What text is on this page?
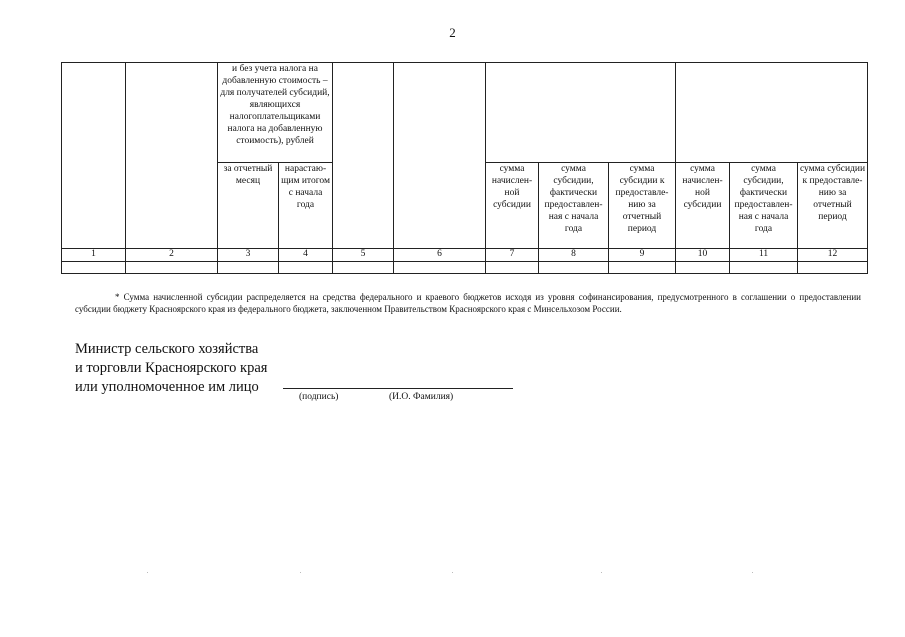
2
		и без учета налога на добавленную стоимость – для получателей субсидий, являющихся налогоплательщиками налога на добавленную стоимость), рублей									
		за отчетный месяц	нарастаю-щим итогом с начала года			сумма начислен-ной субсидии	сумма субсидии, фактически предоставлен-ная с начала года	сумма субсидии к предоставле-нию за отчетный период	сумма начислен-ной субсидии	сумма субсидии, фактически предоставлен-ная с начала года	сумма субсидии к предоставле-нию за отчетный период
1	2	3	4	5	6	7	8	9	10	11	12

* Сумма начисленной субсидии распределяется на средства федерального и краевого бюджетов исходя из уровня софинансирования, предусмотренного в соглашении о предоставлении субсидии бюджету Красноярского края из федерального бюджета, заключенном Правительством Красноярского края с Минсельхозом России.
Министр сельского хозяйства
и торговли Красноярского края
или уполномоченное им лицо
(подпись)	(И.О. Фамилия)
